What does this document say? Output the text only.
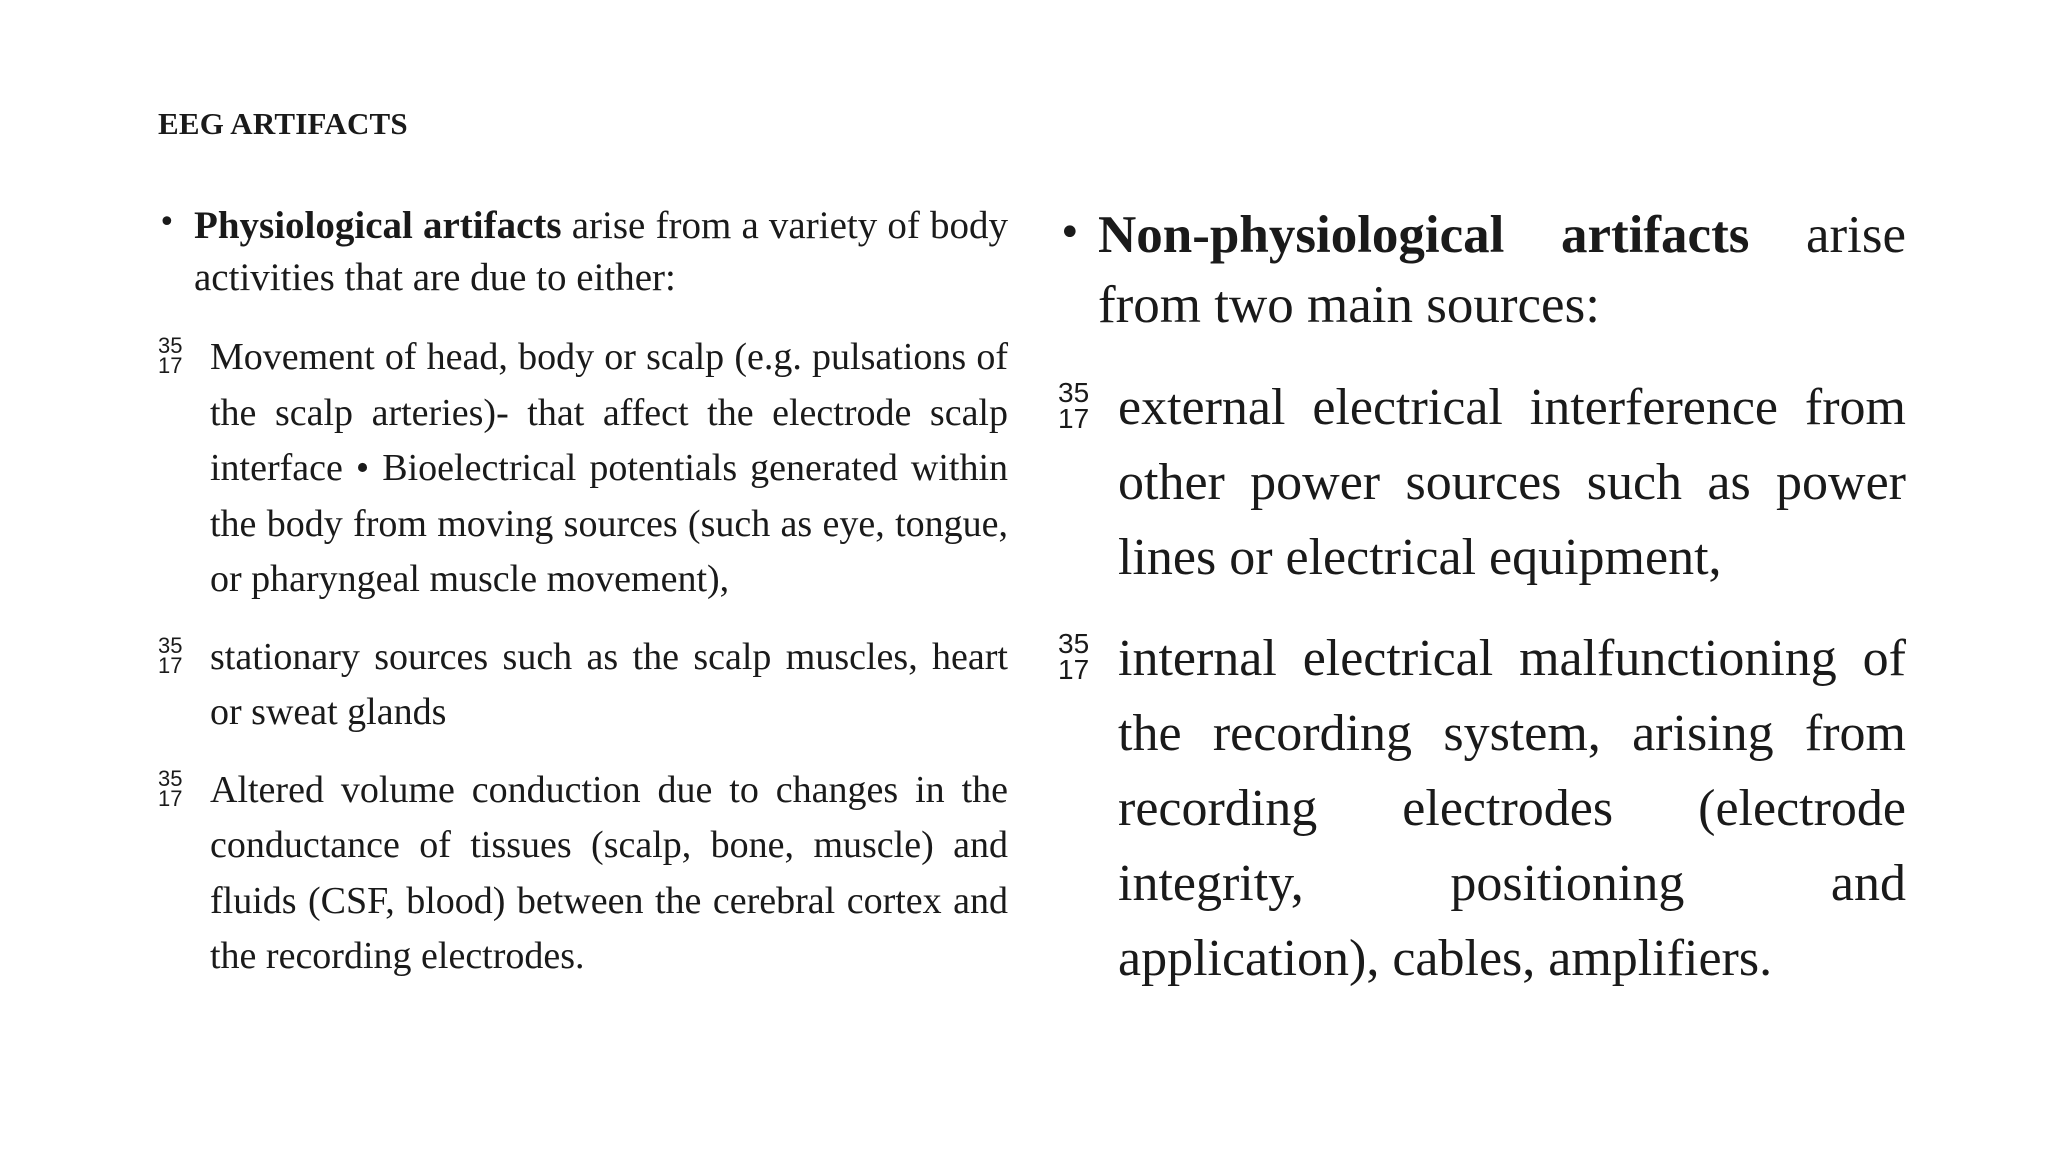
EEG ARTIFACTS

• Physiological artifacts arise from a variety of body activities that are due to either:

35
17 Movement of head, body or scalp (e.g. pulsations of the scalp arteries)- that affect the electrode scalp interface • Bioelectrical potentials generated within the body from moving sources (such as eye, tongue, or pharyngeal muscle movement),

35
17 stationary sources such as the scalp muscles, heart or sweat glands

35
17 Altered volume conduction due to changes in the conductance of tissues (scalp, bone, muscle) and fluids (CSF, blood) between the cerebral cortex and the recording electrodes.

• Non-physiological artifacts arise from two main sources:

35
17 external electrical interference from other power sources such as power lines or electrical equipment,

35
17 internal electrical malfunctioning of the recording system, arising from recording electrodes (electrode integrity, positioning and application), cables, amplifiers.
